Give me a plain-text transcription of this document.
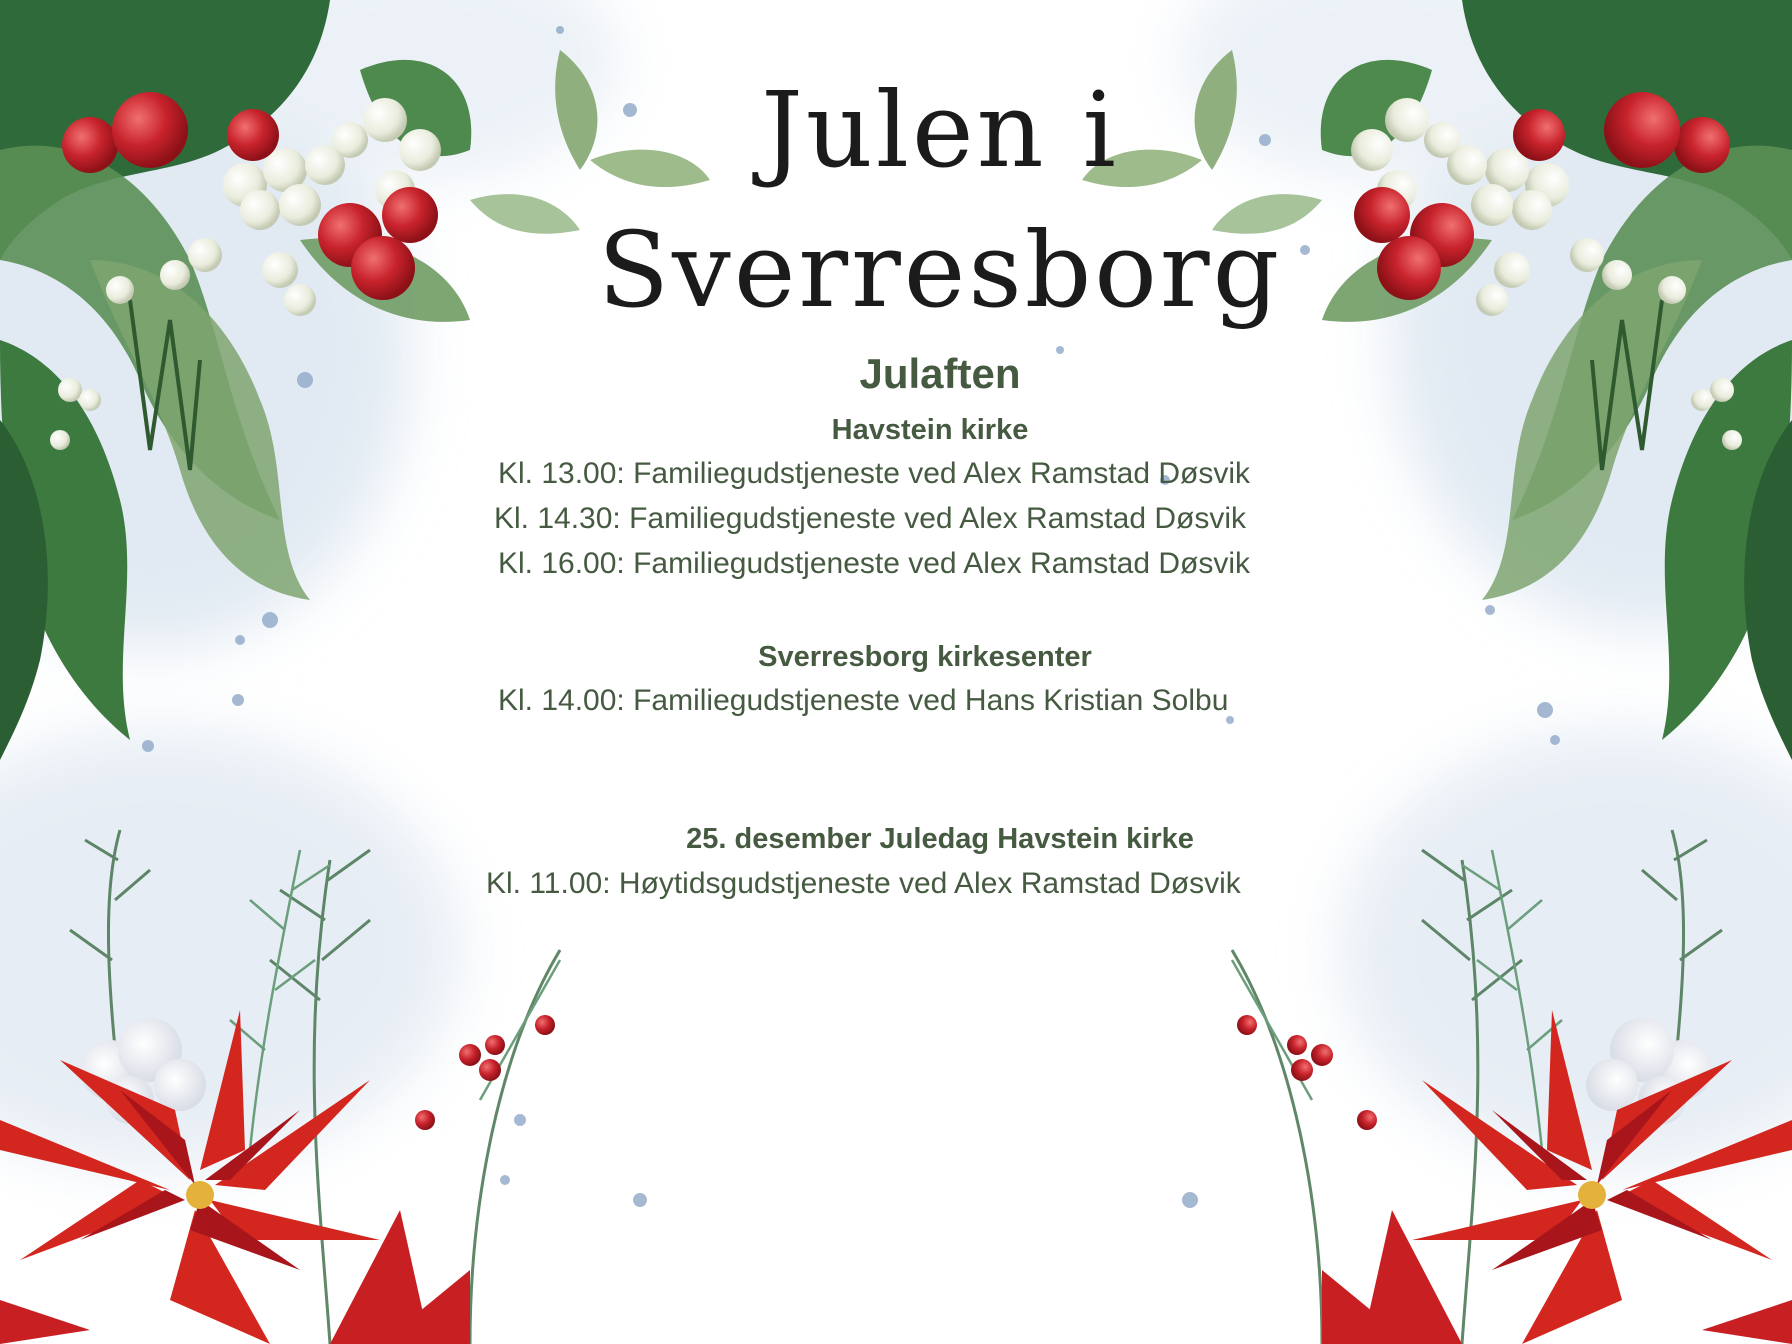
Julen i
Sverresborg
Julaften
Havstein kirke
Kl. 13.00: Familiegudstjeneste ved Alex Ramstad Døsvik
Kl. 14.30: Familiegudstjeneste ved Alex Ramstad Døsvik
Kl. 16.00: Familiegudstjeneste ved Alex Ramstad Døsvik
Sverresborg kirkesenter
Kl. 14.00: Familiegudstjeneste ved Hans Kristian Solbu
25. desember Juledag Havstein kirke
Kl. 11.00: Høytidsgudstjeneste ved Alex Ramstad Døsvik
